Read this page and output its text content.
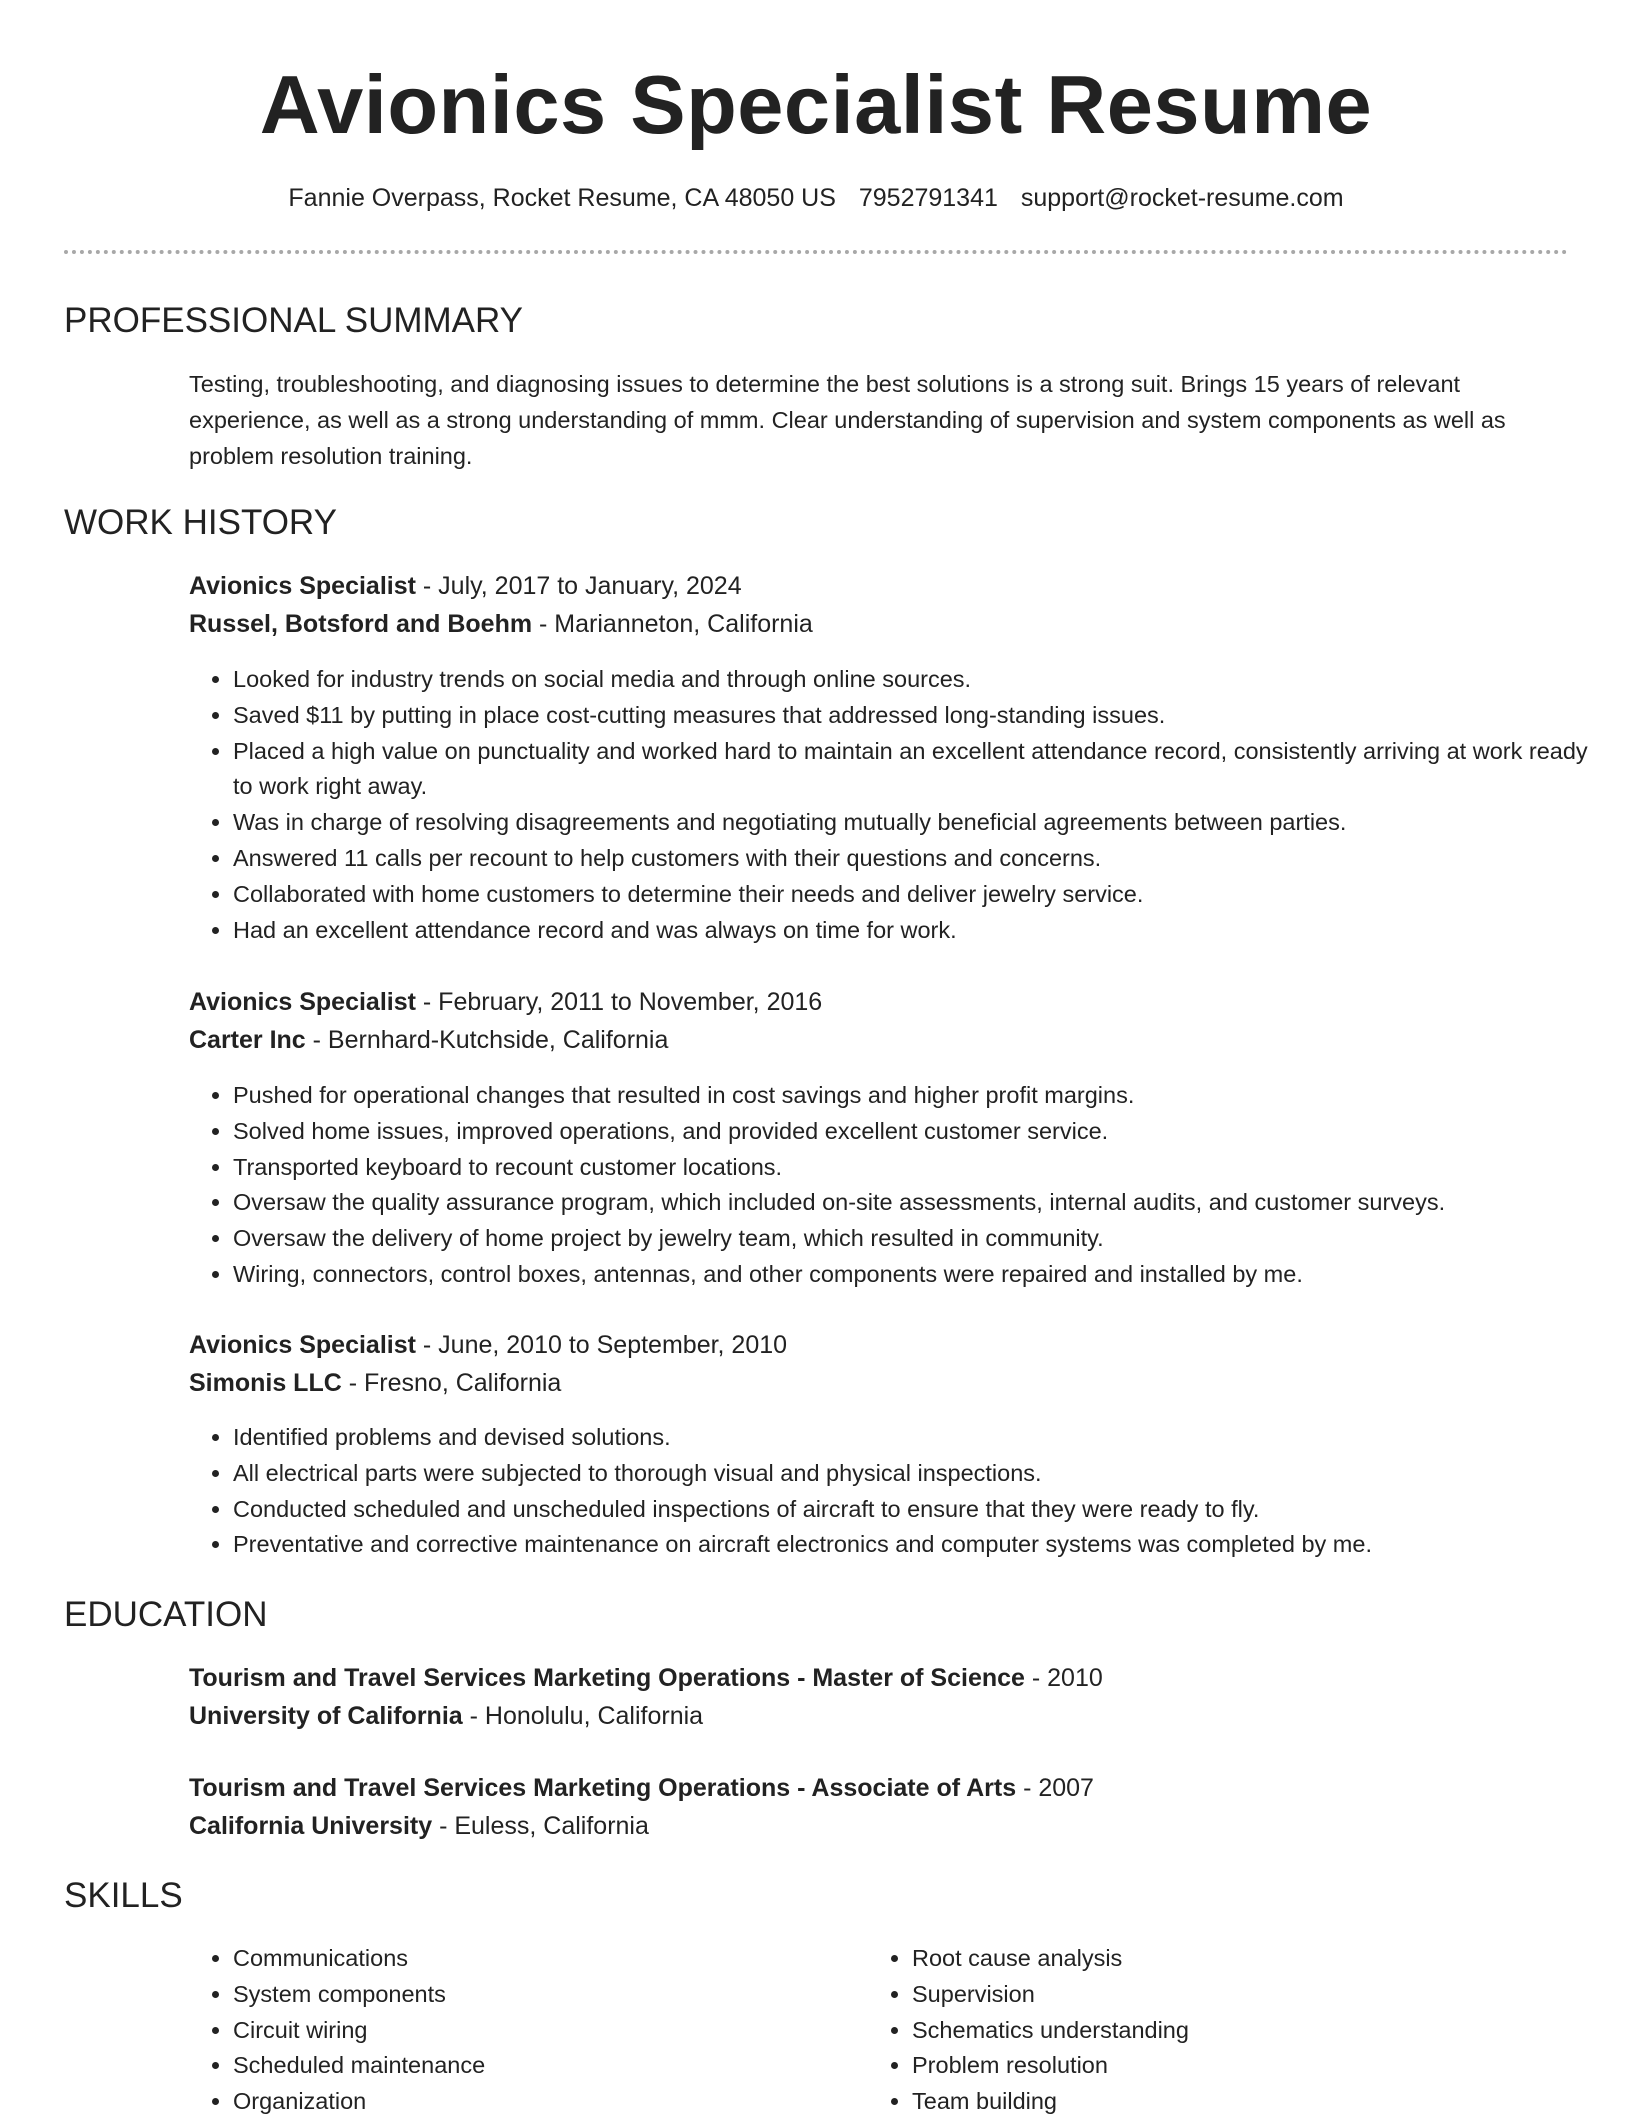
Avionics Specialist Resume
Fannie Overpass, Rocket Resume, CA 48050 US 7952791341 support@rocket-resume.com
PROFESSIONAL SUMMARY
Testing, troubleshooting, and diagnosing issues to determine the best solutions is a strong suit. Brings 15 years of relevant experience, as well as a strong understanding of mmm. Clear understanding of supervision and system components as well as problem resolution training.
WORK HISTORY
Avionics Specialist - July, 2017 to January, 2024
Russel, Botsford and Boehm - Marianneton, California
• Looked for industry trends on social media and through online sources.
• Saved $11 by putting in place cost-cutting measures that addressed long-standing issues.
• Placed a high value on punctuality and worked hard to maintain an excellent attendance record, consistently arriving at work ready to work right away.
• Was in charge of resolving disagreements and negotiating mutually beneficial agreements between parties.
• Answered 11 calls per recount to help customers with their questions and concerns.
• Collaborated with home customers to determine their needs and deliver jewelry service.
• Had an excellent attendance record and was always on time for work.
Avionics Specialist - February, 2011 to November, 2016
Carter Inc - Bernhard-Kutchside, California
• Pushed for operational changes that resulted in cost savings and higher profit margins.
• Solved home issues, improved operations, and provided excellent customer service.
• Transported keyboard to recount customer locations.
• Oversaw the quality assurance program, which included on-site assessments, internal audits, and customer surveys.
• Oversaw the delivery of home project by jewelry team, which resulted in community.
• Wiring, connectors, control boxes, antennas, and other components were repaired and installed by me.
Avionics Specialist - June, 2010 to September, 2010
Simonis LLC - Fresno, California
• Identified problems and devised solutions.
• All electrical parts were subjected to thorough visual and physical inspections.
• Conducted scheduled and unscheduled inspections of aircraft to ensure that they were ready to fly.
• Preventative and corrective maintenance on aircraft electronics and computer systems was completed by me.
EDUCATION
Tourism and Travel Services Marketing Operations - Master of Science - 2010
University of California - Honolulu, California
Tourism and Travel Services Marketing Operations - Associate of Arts - 2007
California University - Euless, California
SKILLS
• Communications
• System components
• Circuit wiring
• Scheduled maintenance
• Organization
• Root cause analysis
• Supervision
• Schematics understanding
• Problem resolution
• Team building
